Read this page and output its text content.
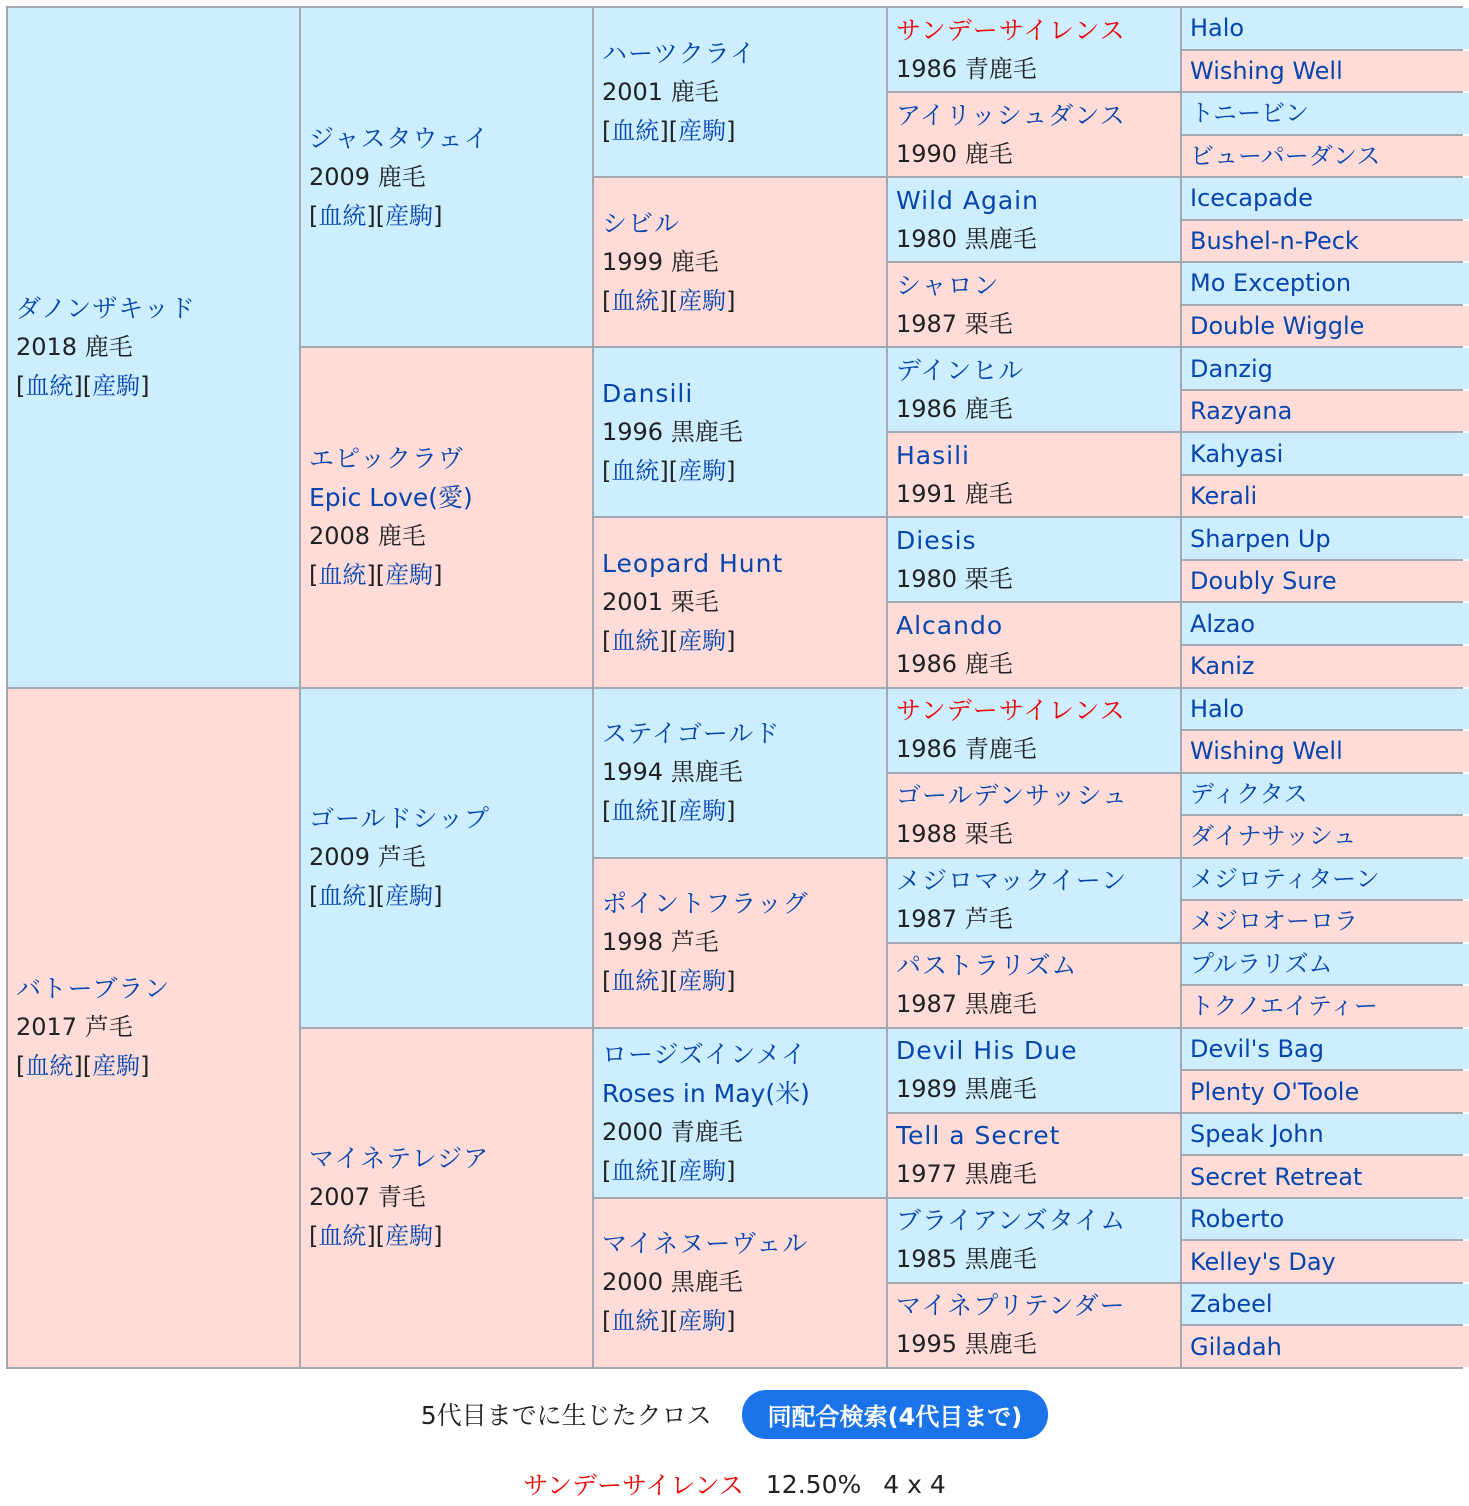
ダノンザキッド
2018 鹿毛
[血統][産駒]
バトーブラン
2017 芦毛
[血統][産駒]
ジャスタウェイ
2009 鹿毛
[血統][産駒]
エピックラヴ
Epic Love(愛)
2008 鹿毛
[血統][産駒]
ゴールドシップ
2009 芦毛
[血統][産駒]
マイネテレジア
2007 青毛
[血統][産駒]
ハーツクライ
2001 鹿毛
[血統][産駒]
シビル
1999 鹿毛
[血統][産駒]
Dansili
1996 黒鹿毛
[血統][産駒]
Leopard Hunt
2001 栗毛
[血統][産駒]
ステイゴールド
1994 黒鹿毛
[血統][産駒]
ポイントフラッグ
1998 芦毛
[血統][産駒]
ロージズインメイ
Roses in May(米)
2000 青鹿毛
[血統][産駒]
マイネヌーヴェル
2000 黒鹿毛
[血統][産駒]
サンデーサイレンス
1986 青鹿毛
アイリッシュダンス
1990 鹿毛
Wild Again
1980 黒鹿毛
シャロン
1987 栗毛
デインヒル
1986 鹿毛
Hasili
1991 鹿毛
Diesis
1980 栗毛
Alcando
1986 鹿毛
サンデーサイレンス
1986 青鹿毛
ゴールデンサッシュ
1988 栗毛
メジロマックイーン
1987 芦毛
パストラリズム
1987 黒鹿毛
Devil His Due
1989 黒鹿毛
Tell a Secret
1977 黒鹿毛
ブライアンズタイム
1985 黒鹿毛
マイネプリテンダー
1995 黒鹿毛
Halo
Wishing Well
トニービン
ビューパーダンス
Icecapade
Bushel-n-Peck
Mo Exception
Double Wiggle
Danzig
Razyana
Kahyasi
Kerali
Sharpen Up
Doubly Sure
Alzao
Kaniz
Halo
Wishing Well
ディクタス
ダイナサッシュ
メジロティターン
メジロオーロラ
プルラリズム
トクノエイティー
Devil's Bag
Plenty O'Toole
Speak John
Secret Retreat
Roberto
Kelley's Day
Zabeel
Giladah
5代目までに生じたクロス	同配合検索(4代目まで)
サンデーサイレンス 12.50% 4 x 4
